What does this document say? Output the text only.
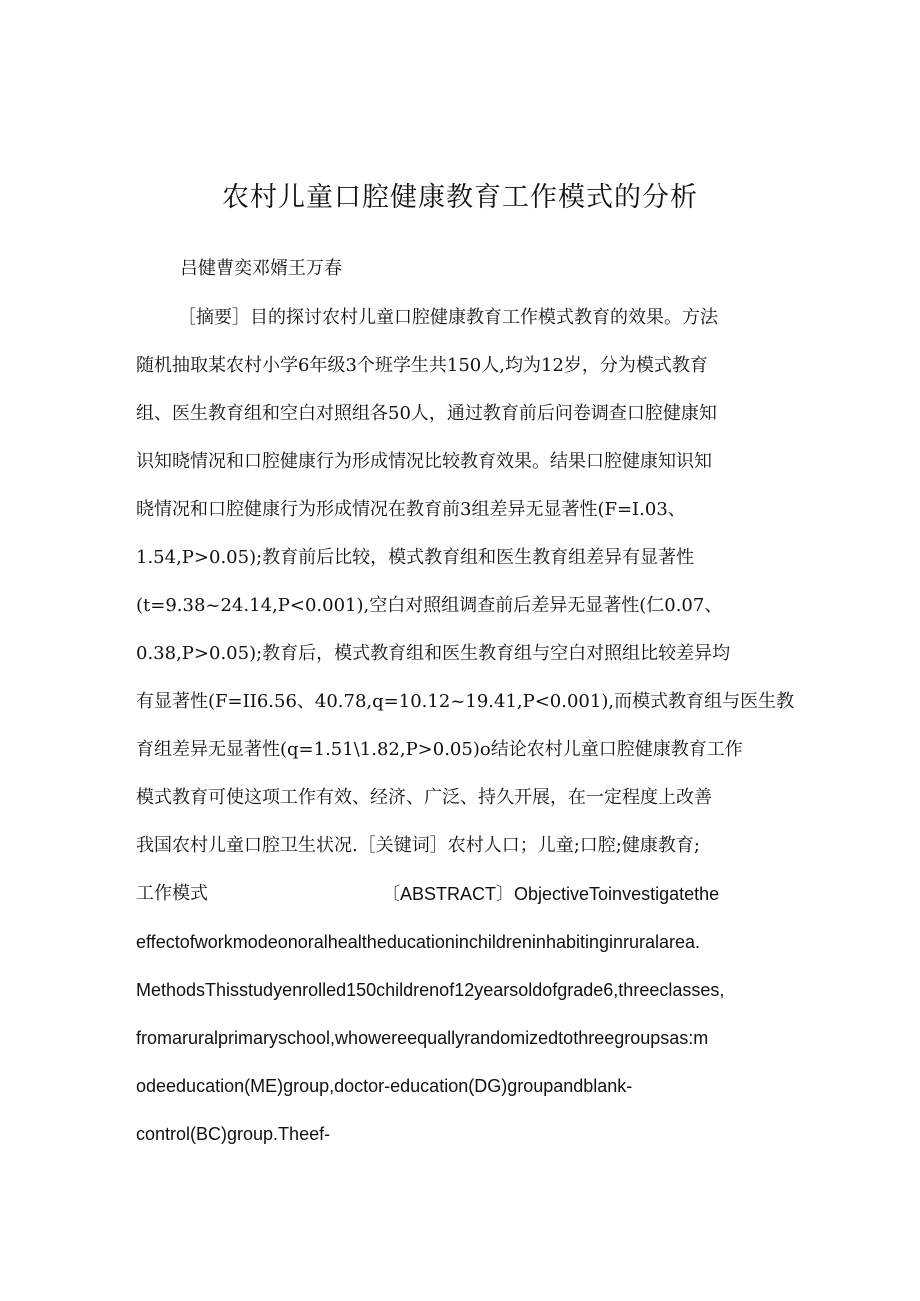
农村儿童口腔健康教育工作模式的分析
吕健曹奕邓婿王万春
［摘要］目的探讨农村儿童口腔健康教育工作模式教育的效果。方法
随机抽取某农村小学6年级3个班学生共150人,均为12岁，分为模式教育
组、医生教育组和空白对照组各50人，通过教育前后问卷调查口腔健康知
识知晓情况和口腔健康行为形成情况比较教育效果。结果口腔健康知识知
晓情况和口腔健康行为形成情况在教育前3组差异无显著性(F=I.03、
1.54,P>0.05);教育前后比较，模式教育组和医生教育组差异有显著性
(t=9.38~24.14,P<0.001),空白对照组调查前后差异无显著性(仁0.07、
0.38,P>0.05);教育后，模式教育组和医生教育组与空白对照组比较差异均
有显著性(F=II6.56、40.78,q=10.12~19.41,P<0.001),而模式教育组与医生教
育组差异无显著性(q=1.51\1.82,P>0.05)o结论农村儿童口腔健康教育工作
模式教育可使这项工作有效、经济、广泛、持久开展，在一定程度上改善
我国农村儿童口腔卫生状况.［关键词］农村人口；儿童;口腔;健康教育;
工作模式	〔ABSTRACT〕ObjectiveToinvestigatethe
effectofworkmodeonoralhealtheducationinchildreninhabitinginruralarea.
MethodsThisstudyenrolled150childrenof12yearsoldofgrade6,threeclasses,
fromaruralprimaryschool,whowereequallyrandomizedtothreegroupsas:m
odeeducation(ME)group,doctor-education(DG)groupandblank-
control(BC)group.Theef-
